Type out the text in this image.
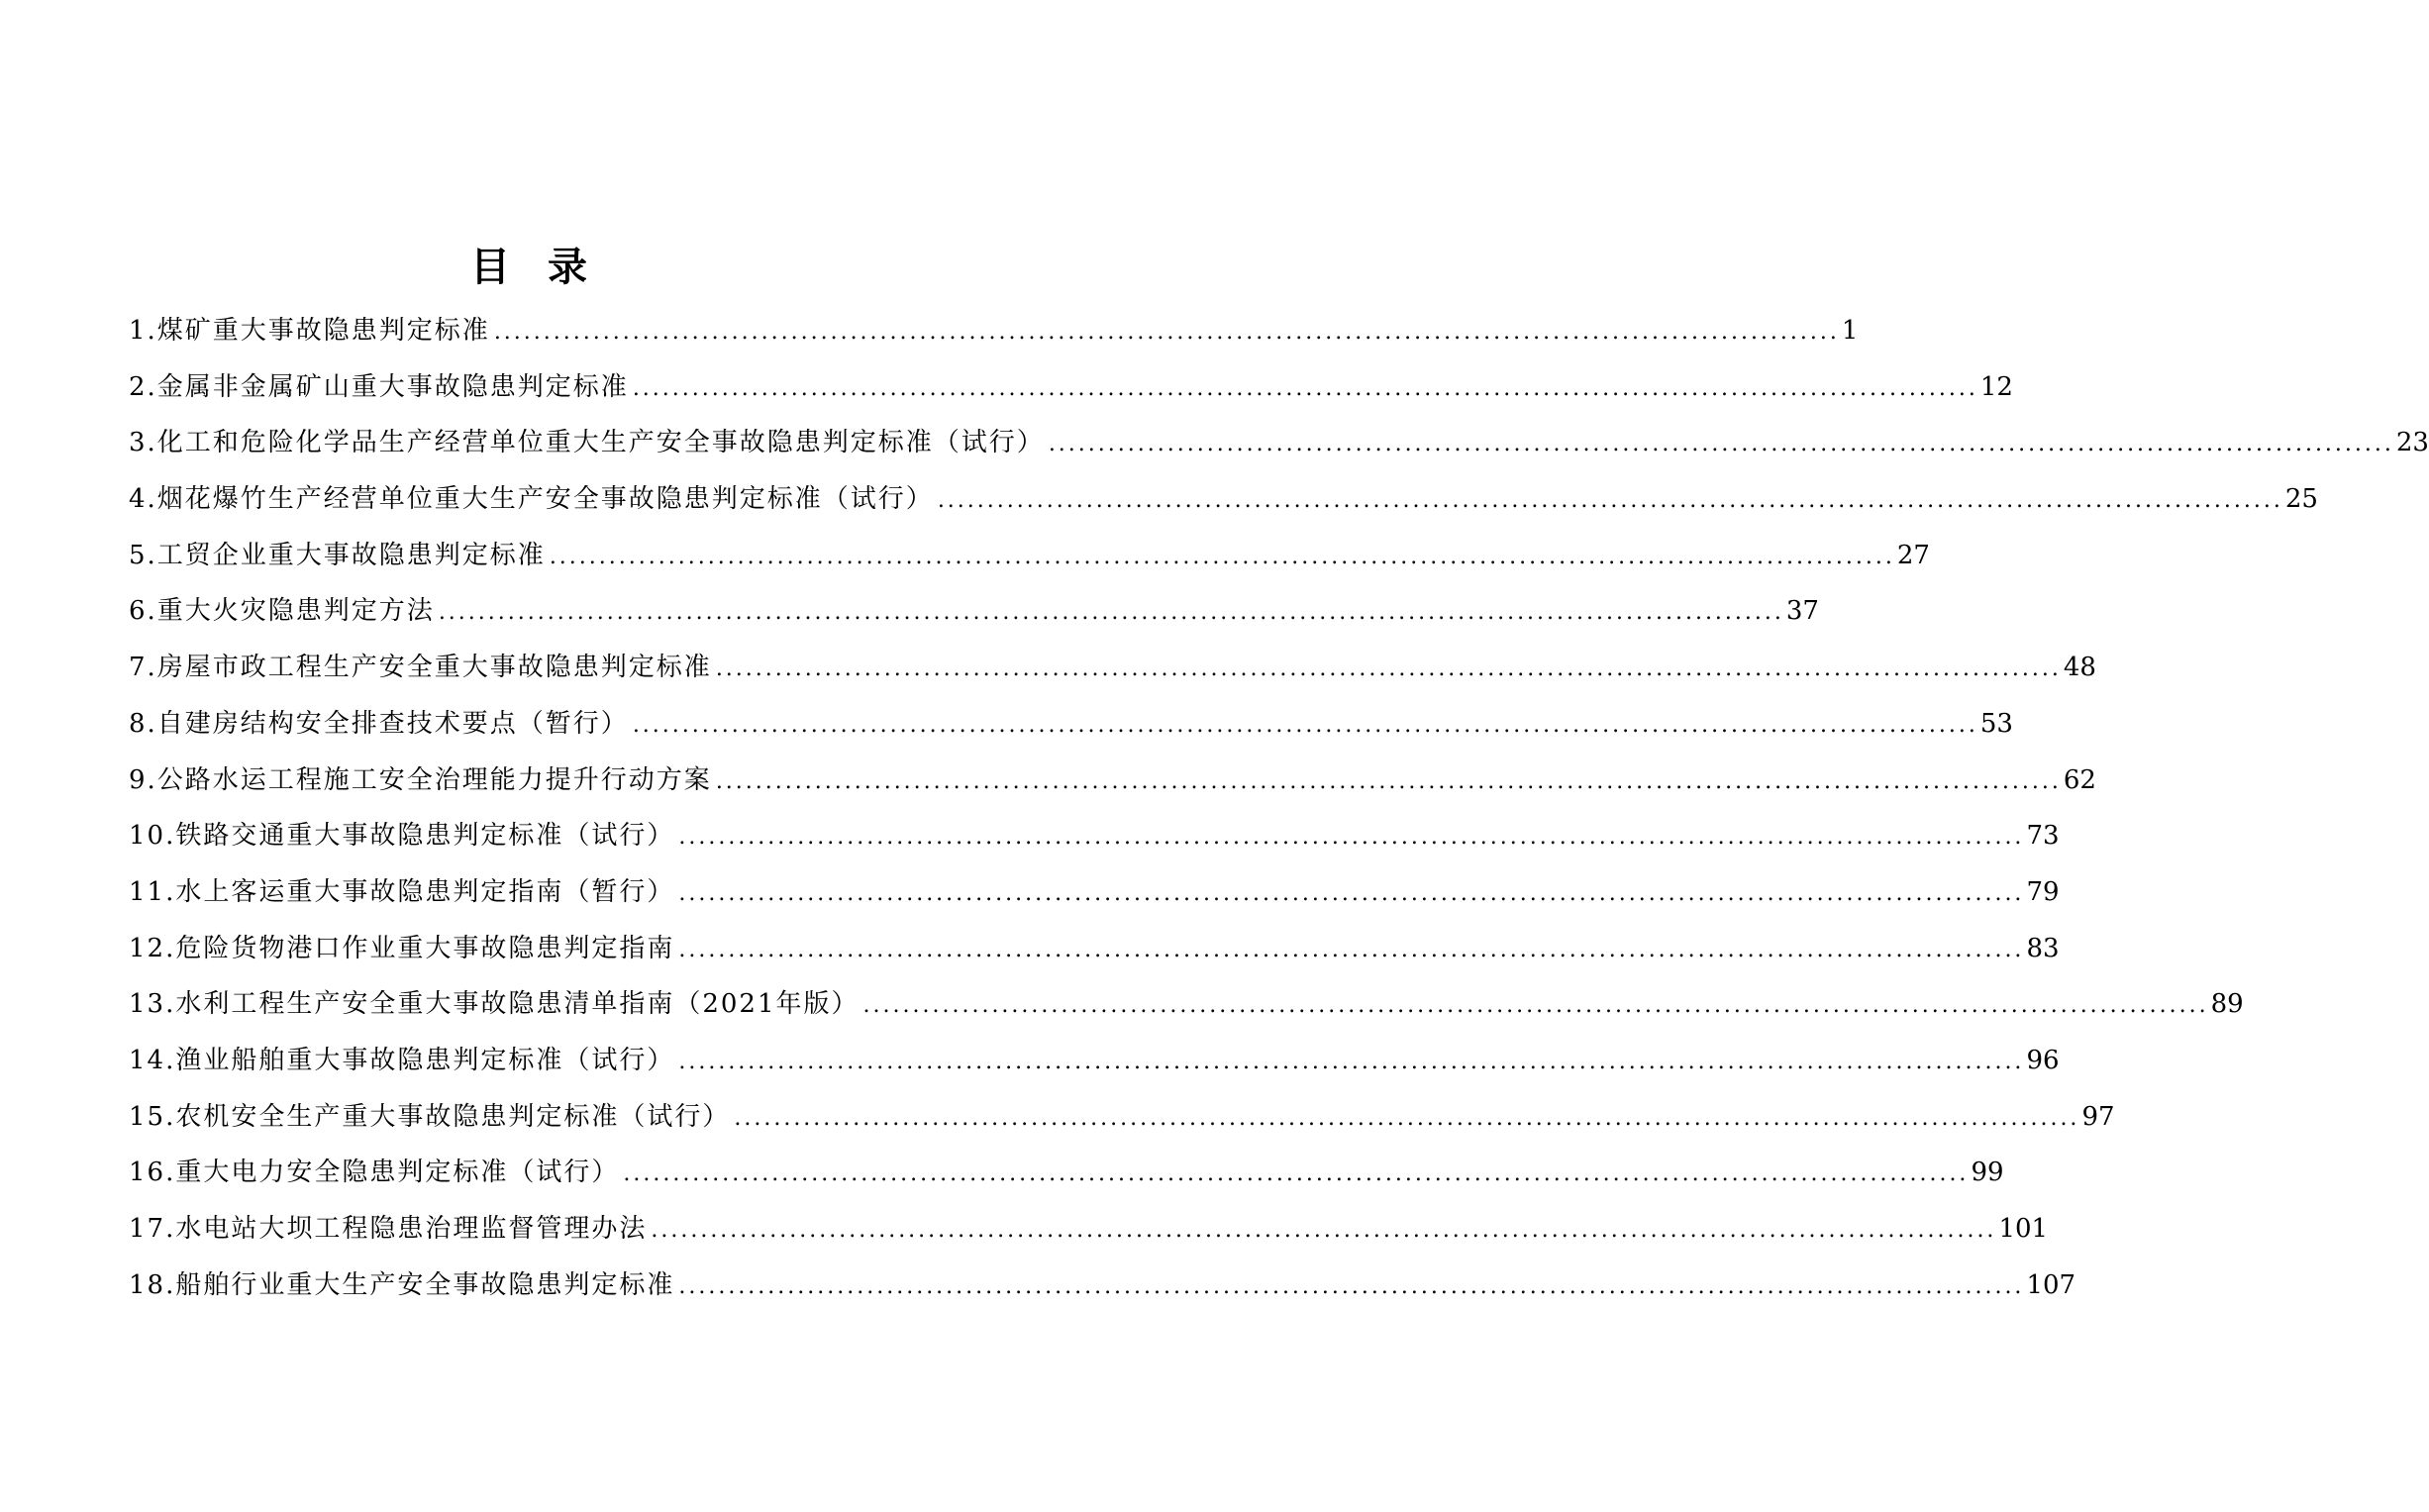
目 录
1.煤矿重大事故隐患判定标准 .....	1
2.金属非金属矿山重大事故隐患判定标准 .....	12
3.化工和危险化学品生产经营单位重大生产安全事故隐患判定标准（试行） .....	23
4.烟花爆竹生产经营单位重大生产安全事故隐患判定标准（试行） .....	25
5.工贸企业重大事故隐患判定标准 .....	27
6.重大火灾隐患判定方法 .....	37
7.房屋市政工程生产安全重大事故隐患判定标准 .....	48
8.自建房结构安全排查技术要点（暂行） .....	53
9.公路水运工程施工安全治理能力提升行动方案 .....	62
10.铁路交通重大事故隐患判定标准（试行） .....	73
11.水上客运重大事故隐患判定指南（暂行） .....	79
12.危险货物港口作业重大事故隐患判定指南 .....	83
13.水利工程生产安全重大事故隐患清单指南（2021年版） .....	89
14.渔业船舶重大事故隐患判定标准（试行） .....	96
15.农机安全生产重大事故隐患判定标准（试行） .....	97
16.重大电力安全隐患判定标准（试行） .....	99
17.水电站大坝工程隐患治理监督管理办法 .....	101
18.船舶行业重大生产安全事故隐患判定标准 .....	107
